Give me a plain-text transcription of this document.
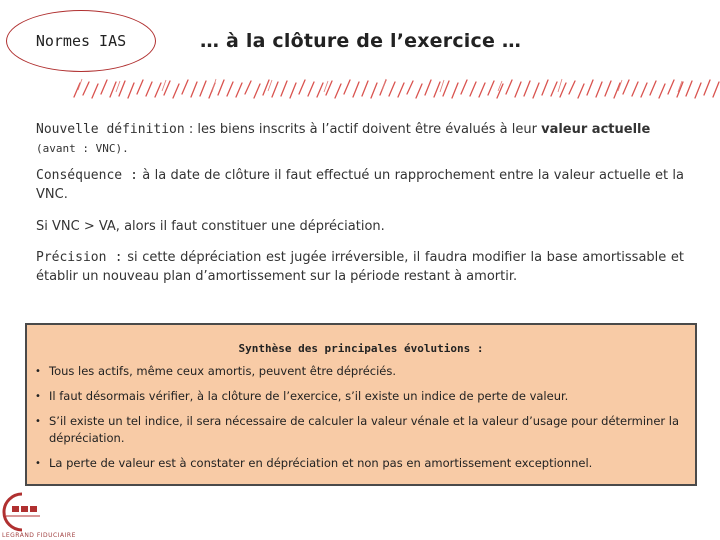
Normes IAS	… à la clôture de l’exercice …
Nouvelle définition : les biens inscrits à l’actif doivent être évalués à leur valeur actuelle
(avant : VNC).
Conséquence : à la date de clôture il faut effectué un rapprochement entre la valeur actuelle et la VNC.
Si VNC > VA, alors il faut constituer une dépréciation.
Précision : si cette dépréciation est jugée irréversible, il faudra modifier la base amortissable et établir un nouveau plan d’amortissement sur la période restant à amortir.
Synthèse des principales évolutions :
• Tous les actifs, même ceux amortis, peuvent être dépréciés.
• Il faut désormais vérifier, à la clôture de l’exercice, s’il existe un indice de perte de valeur.
• S’il existe un tel indice, il sera nécessaire de calculer la valeur vénale et la valeur d’usage pour déterminer la dépréciation.
• La perte de valeur est à constater en dépréciation et non pas en amortissement exceptionnel.
LEGRAND FIDUCIAIRE
